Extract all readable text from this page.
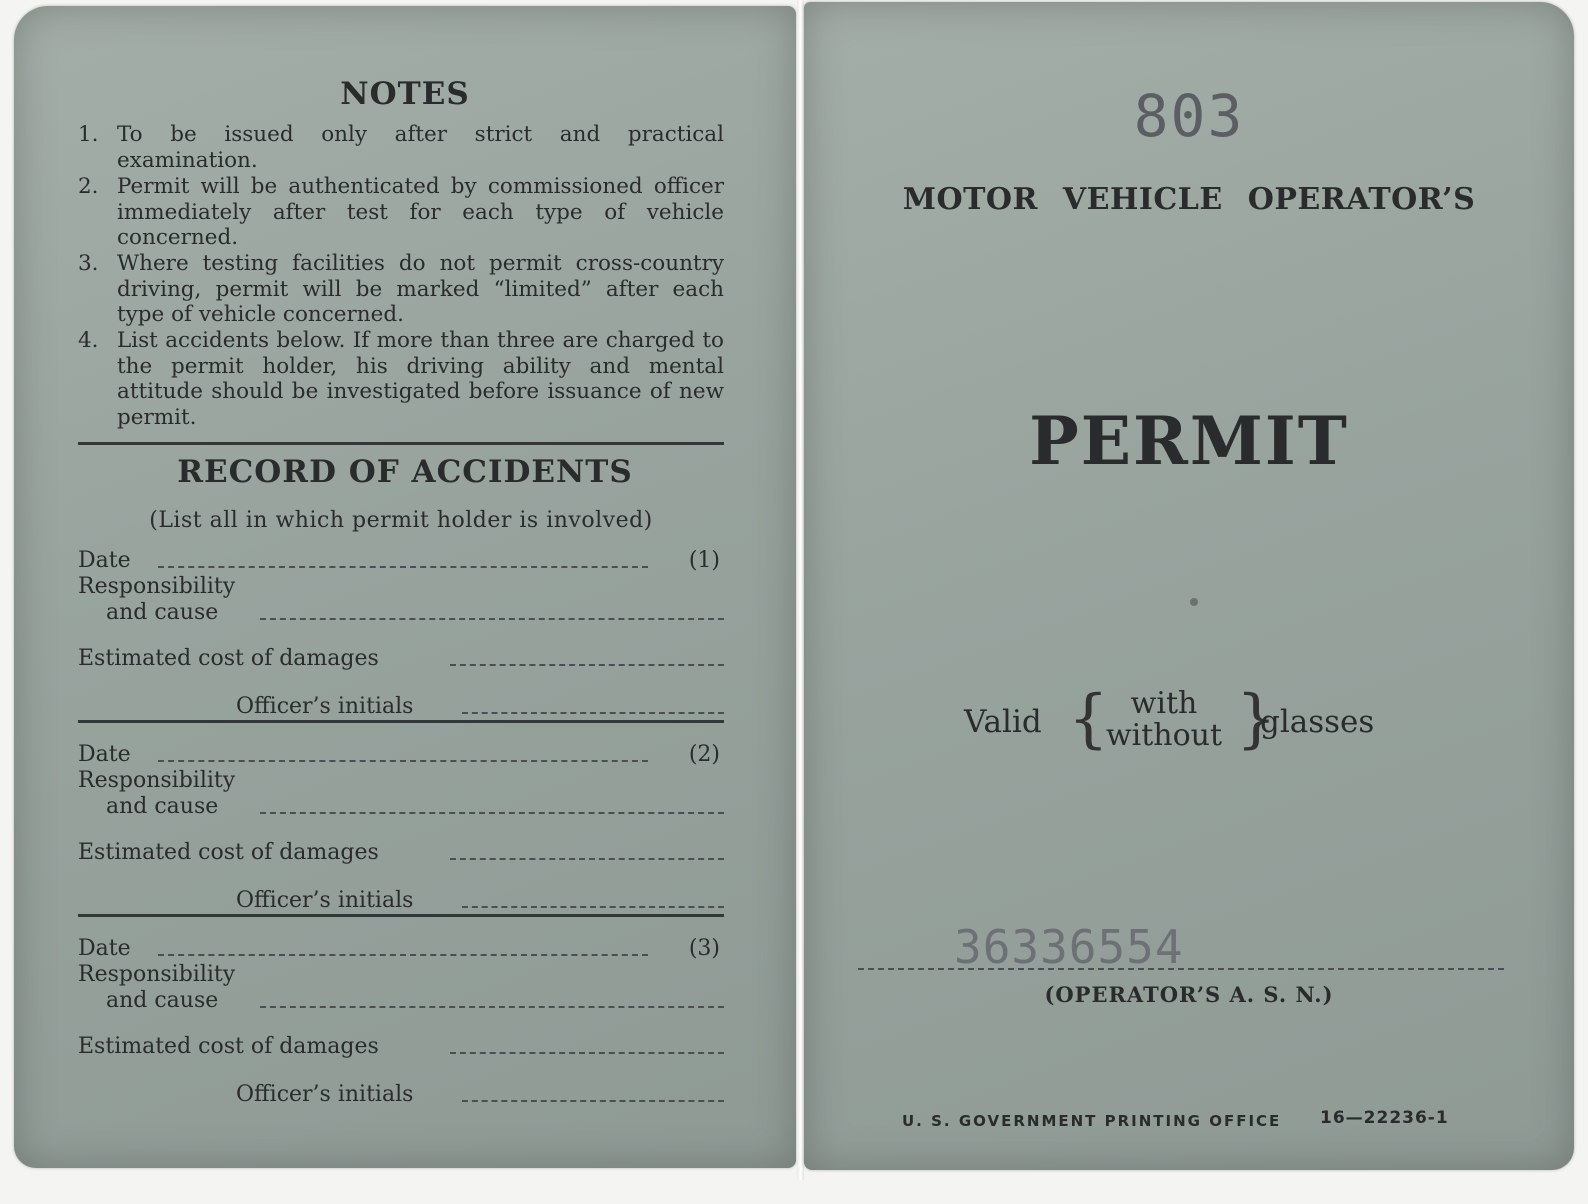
NOTES
1. To be issued only after strict and practical examination.
2. Permit will be authenticated by commissioned officer immediately after test for each type of vehicle concerned.
3. Where testing facilities do not permit cross-country driving, permit will be marked “limited” after each type of vehicle concerned.
4. List accidents below. If more than three are charged to the permit holder, his driving ability and mental attitude should be investigated before issuance of new permit.
RECORD OF ACCIDENTS
(List all in which permit holder is involved)
Date	(1)
Responsibility
and cause
Estimated cost of damages
Officer’s initials
Date	(2)
Responsibility
and cause
Estimated cost of damages
Officer’s initials
Date	(3)
Responsibility
and cause
Estimated cost of damages
Officer’s initials
803
MOTOR VEHICLE OPERATOR’S
PERMIT
Valid { with
without }
glasses
36336554
(OPERATOR’S A. S. N.)
U. S. GOVERNMENT PRINTING OFFICE 16—22236-1
